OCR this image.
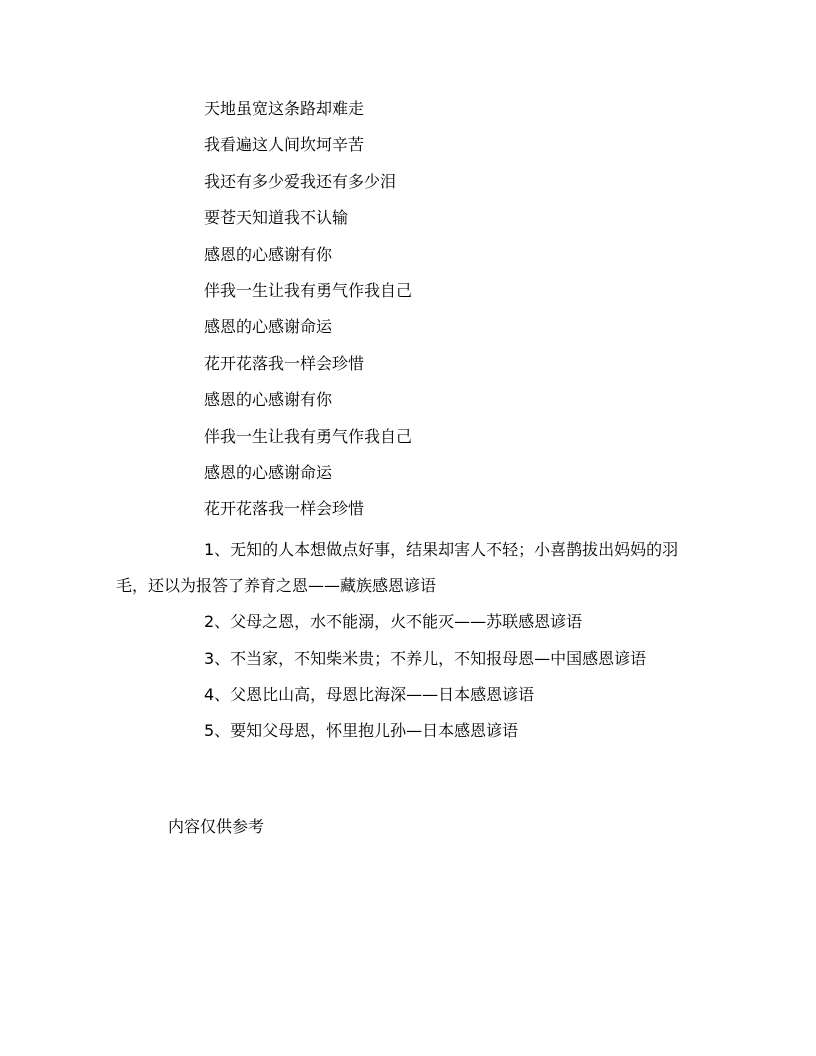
天地虽宽这条路却难走
我看遍这人间坎坷辛苦
我还有多少爱我还有多少泪
要苍天知道我不认输
感恩的心感谢有你
伴我一生让我有勇气作我自己
感恩的心感谢命运
花开花落我一样会珍惜
感恩的心感谢有你
伴我一生让我有勇气作我自己
感恩的心感谢命运
花开花落我一样会珍惜

1、无知的人本想做点好事，结果却害人不轻；小喜鹊拔出妈妈的羽毛，还以为报答了养育之恩——藏族感恩谚语

2、父母之恩，水不能溺，火不能灭——苏联感恩谚语

3、不当家，不知柴米贵；不养儿，不知报母恩—中国感恩谚语

4、父恩比山高，母恩比海深——日本感恩谚语

5、要知父母恩，怀里抱儿孙—日本感恩谚语

内容仅供参考
